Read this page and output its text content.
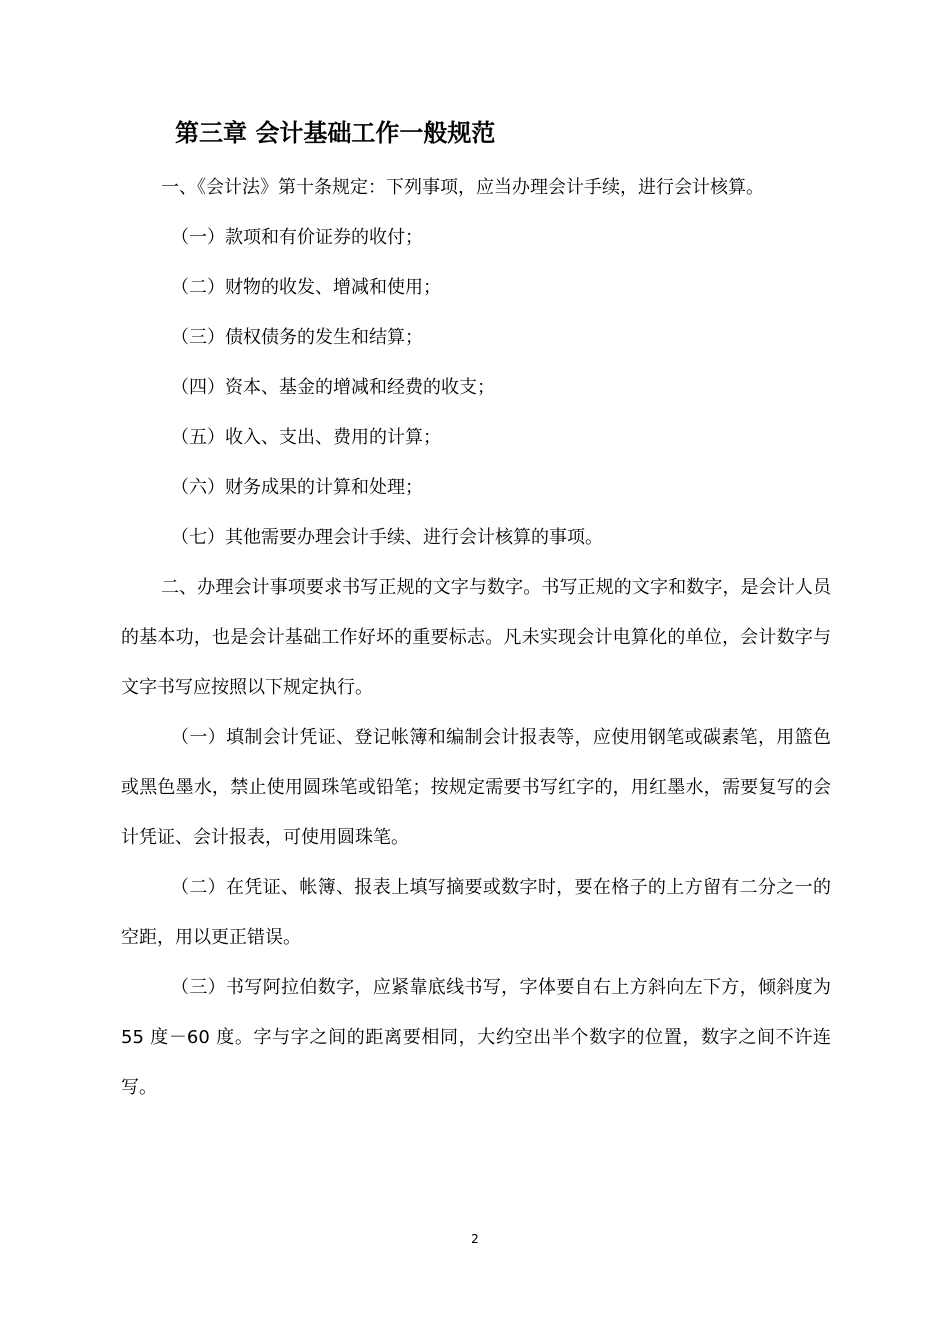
第三章 会计基础工作一般规范

一、《会计法》第十条规定：下列事项，应当办理会计手续，进行会计核算。

（一）款项和有价证券的收付；

（二）财物的收发、增减和使用；

（三）债权债务的发生和结算；

（四）资本、基金的增减和经费的收支；

（五）收入、支出、费用的计算；

（六）财务成果的计算和处理；

（七）其他需要办理会计手续、进行会计核算的事项。

二、办理会计事项要求书写正规的文字与数字。书写正规的文字和数字，是会计人员的基本功，也是会计基础工作好坏的重要标志。凡未实现会计电算化的单位，会计数字与文字书写应按照以下规定执行。

（一）填制会计凭证、登记帐簿和编制会计报表等，应使用钢笔或碳素笔，用篮色或黑色墨水，禁止使用圆珠笔或铅笔；按规定需要书写红字的，用红墨水，需要复写的会计凭证、会计报表，可使用圆珠笔。

（二）在凭证、帐簿、报表上填写摘要或数字时，要在格子的上方留有二分之一的空距，用以更正错误。

（三）书写阿拉伯数字，应紧靠底线书写，字体要自右上方斜向左下方，倾斜度为 55 度－60 度。字与字之间的距离要相同，大约空出半个数字的位置，数字之间不许连写。

2
